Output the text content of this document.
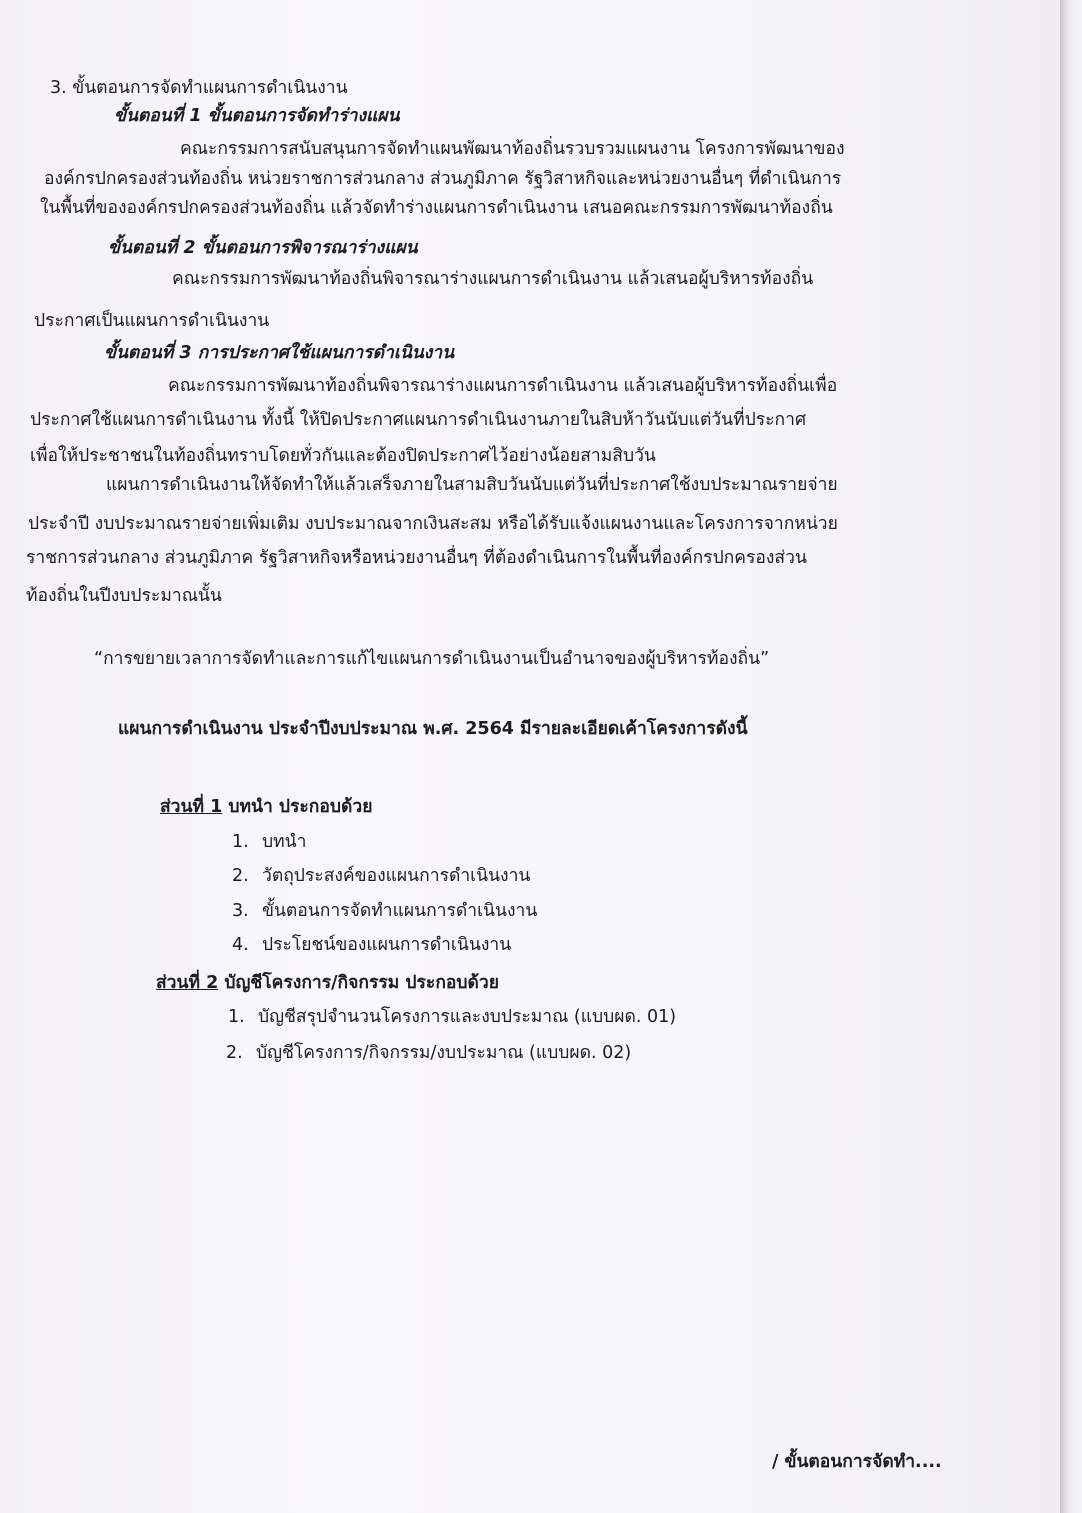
3. ขั้นตอนการจัดทำแผนการดำเนินงาน
ขั้นตอนที่ 1 ขั้นตอนการจัดทำร่างแผน
คณะกรรมการสนับสนุนการจัดทำแผนพัฒนาท้องถิ่นรวบรวมแผนงาน โครงการพัฒนาของ
องค์กรปกครองส่วนท้องถิ่น หน่วยราชการส่วนกลาง ส่วนภูมิภาค รัฐวิสาหกิจและหน่วยงานอื่นๆ ที่ดำเนินการ
ในพื้นที่ขององค์กรปกครองส่วนท้องถิ่น แล้วจัดทำร่างแผนการดำเนินงาน เสนอคณะกรรมการพัฒนาท้องถิ่น
ขั้นตอนที่ 2 ขั้นตอนการพิจารณาร่างแผน
คณะกรรมการพัฒนาท้องถิ่นพิจารณาร่างแผนการดำเนินงาน แล้วเสนอผู้บริหารท้องถิ่น
ประกาศเป็นแผนการดำเนินงาน
ขั้นตอนที่ 3 การประกาศใช้แผนการดำเนินงาน
คณะกรรมการพัฒนาท้องถิ่นพิจารณาร่างแผนการดำเนินงาน แล้วเสนอผู้บริหารท้องถิ่นเพื่อ
ประกาศใช้แผนการดำเนินงาน ทั้งนี้ ให้ปิดประกาศแผนการดำเนินงานภายในสิบห้าวันนับแต่วันที่ประกาศ
เพื่อให้ประชาชนในท้องถิ่นทราบโดยทั่วกันและต้องปิดประกาศไว้อย่างน้อยสามสิบวัน
แผนการดำเนินงานให้จัดทำให้แล้วเสร็จภายในสามสิบวันนับแต่วันที่ประกาศใช้งบประมาณรายจ่าย
ประจำปี งบประมาณรายจ่ายเพิ่มเติม งบประมาณจากเงินสะสม หรือได้รับแจ้งแผนงานและโครงการจากหน่วย
ราชการส่วนกลาง ส่วนภูมิภาค รัฐวิสาหกิจหรือหน่วยงานอื่นๆ ที่ต้องดำเนินการในพื้นที่องค์กรปกครองส่วน
ท้องถิ่นในปีงบประมาณนั้น
“การขยายเวลาการจัดทำและการแก้ไขแผนการดำเนินงานเป็นอำนาจของผู้บริหารท้องถิ่น”
แผนการดำเนินงาน ประจำปีงบประมาณ พ.ศ. 2564 มีรายละเอียดเค้าโครงการดังนี้
ส่วนที่ 1 บทนำ ประกอบด้วย
1. บทนำ
2. วัตถุประสงค์ของแผนการดำเนินงาน
3. ขั้นตอนการจัดทำแผนการดำเนินงาน
4. ประโยชน์ของแผนการดำเนินงาน
ส่วนที่ 2 บัญชีโครงการ/กิจกรรม ประกอบด้วย
1. บัญชีสรุปจำนวนโครงการและงบประมาณ (แบบผด. 01)
2. บัญชีโครงการ/กิจกรรม/งบประมาณ (แบบผด. 02)
/ ขั้นตอนการจัดทำ....
